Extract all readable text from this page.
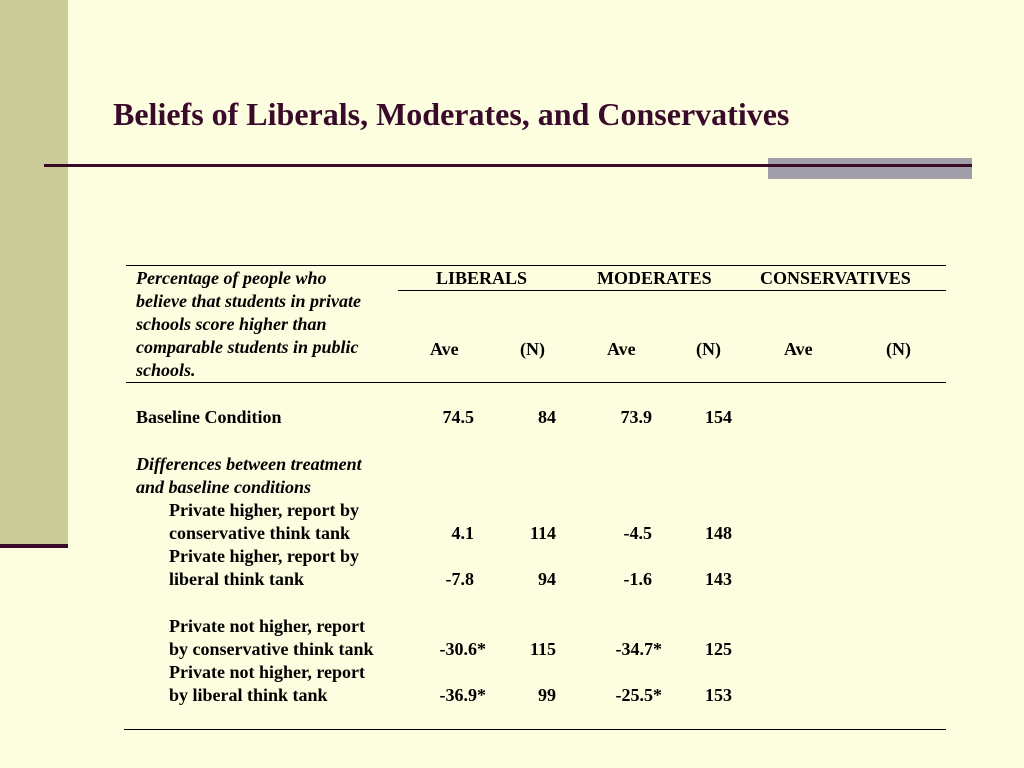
Beliefs of Liberals, Moderates, and Conservatives
Percentage of people who
believe that students in private
schools score higher than
comparable students in public
schools.
LIBERALS	MODERATES	CONSERVATIVES
Ave	(N)	Ave	(N)	Ave	(N)
Baseline Condition	74.5	84	73.9	154
Differences between treatment
and baseline conditions
Private higher, report by
conservative think tank	4.1	114	-4.5	148
Private higher, report by
liberal think tank	-7.8	94	-1.6	143
Private not higher, report
by conservative think tank	-30.6*	115	-34.7*	125
Private not higher, report
by liberal think tank	-36.9*	99	-25.5*	153
